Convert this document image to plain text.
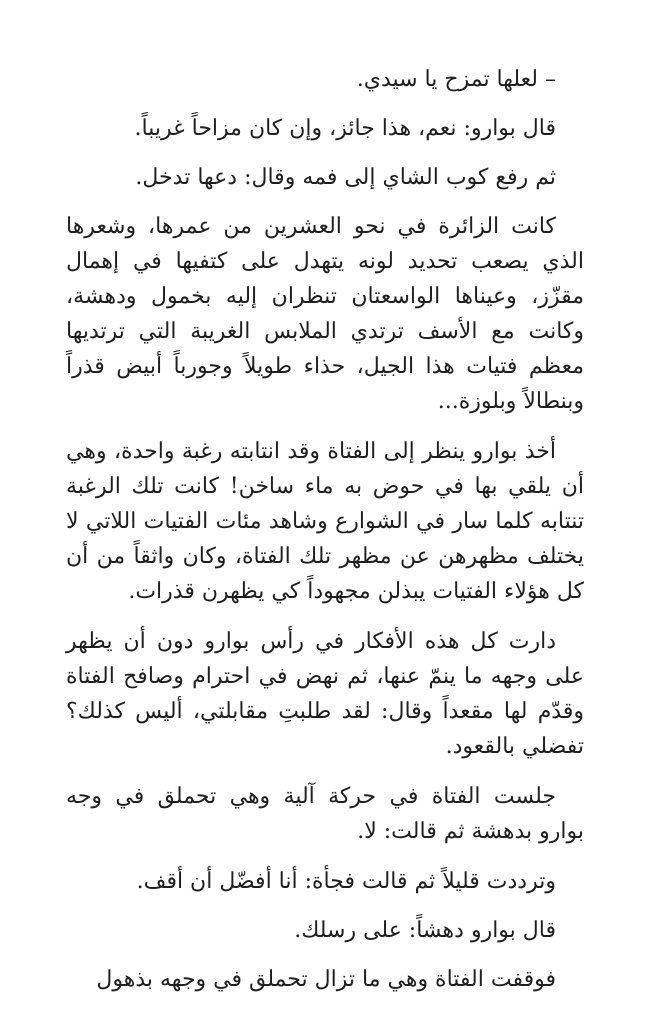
– لعلها تمزح يا سيدي.

قال بوارو: نعم، هذا جائز، وإن كان مزاحاً غريباً.

ثم رفع كوب الشاي إلى فمه وقال: دعها تدخل.

كانت الزائرة في نحو العشرين من عمرها، وشعرها الذي يصعب تحديد لونه يتهدل على كتفيها في إهمال مقزّز، وعيناها الواسعتان تنظران إليه بخمول ودهشة، وكانت مع الأسف ترتدي الملابس الغريبة التي ترتديها معظم فتيات هذا الجيل، حذاء طويلاً وجورباً أبيض قذراً وبنطالاً وبلوزة...

أخذ بوارو ينظر إلى الفتاة وقد انتابته رغبة واحدة، وهي أن يلقي بها في حوض به ماء ساخن! كانت تلك الرغبة تنتابه كلما سار في الشوارع وشاهد مئات الفتيات اللاتي لا يختلف مظهرهن عن مظهر تلك الفتاة، وكان واثقاً من أن كل هؤلاء الفتيات يبذلن مجهوداً كي يظهرن قذرات.

دارت كل هذه الأفكار في رأس بوارو دون أن يظهر على وجهه ما ينمّ عنها، ثم نهض في احترام وصافح الفتاة وقدّم لها مقعداً وقال: لقد طلبتِ مقابلتي، أليس كذلك؟ تفضلي بالقعود.

جلست الفتاة في حركة آلية وهي تحملق في وجه بوارو بدهشة ثم قالت: لا.

وترددت قليلاً ثم قالت فجأة: أنا أفضّل أن أقف.

قال بوارو دهشاً: على رسلك.

فوقفت الفتاة وهي ما تزال تحملق في وجهه بذهول
